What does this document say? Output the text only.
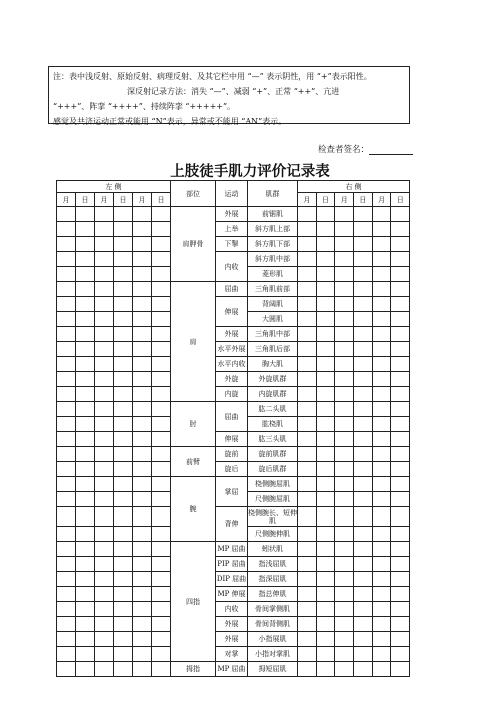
注：表中浅反射、原始反射、病理反射、及其它栏中用 “—” 表示阴性，用 “+”表示阳性。
深反射记录方法：消失 “—”、减弱 “+”、正常 “++”、亢进
“+++”、阵挛 “++++”、持续阵挛 “+++++”。
感觉及共济运动正常或能用 “N”表示，异常或不能用 “AN”表示。
检查者签名：
上肢徒手肌力评价记录表
左 侧						部位	运动	肌群	右 侧					
月	日	月	日	月	日				月	日	月	日	月	日
						肩胛骨	外展	前锯肌						
							上举	斜方肌上部						
							下掣	斜方肌下部						
							内收	斜方肌中部						
								菱形肌						
						肩	屈曲	三角肌前部						
							伸展	背阔肌						
								大圆肌						
							外展	三角肌中部						
							水平外展	三角肌后部						
							水平内收	胸大肌						
							外旋	外旋肌群						
							内旋	内旋肌群						
						肘	屈曲	肱二头肌						
								肱桡肌						
							伸展	肱三头肌						
						前臂	旋前	旋前肌群						
							旋后	旋后肌群						
						腕	掌屈	桡侧腕屈肌						
								尺侧腕屈肌						
							背伸	桡侧腕长、短伸肌						
								尺侧腕伸肌						
						四指	MP 屈曲	蚓状肌						
							PIP 屈曲	指浅屈肌						
							DIP 屈曲	指深屈肌						
							MP 伸展	指总伸肌						
							内收	骨间掌侧肌						
							外展	骨间背侧肌						
							外展	小指展肌						
							对掌	小指对掌肌						
						拇指	MP 屈曲	拇短屈肌						
